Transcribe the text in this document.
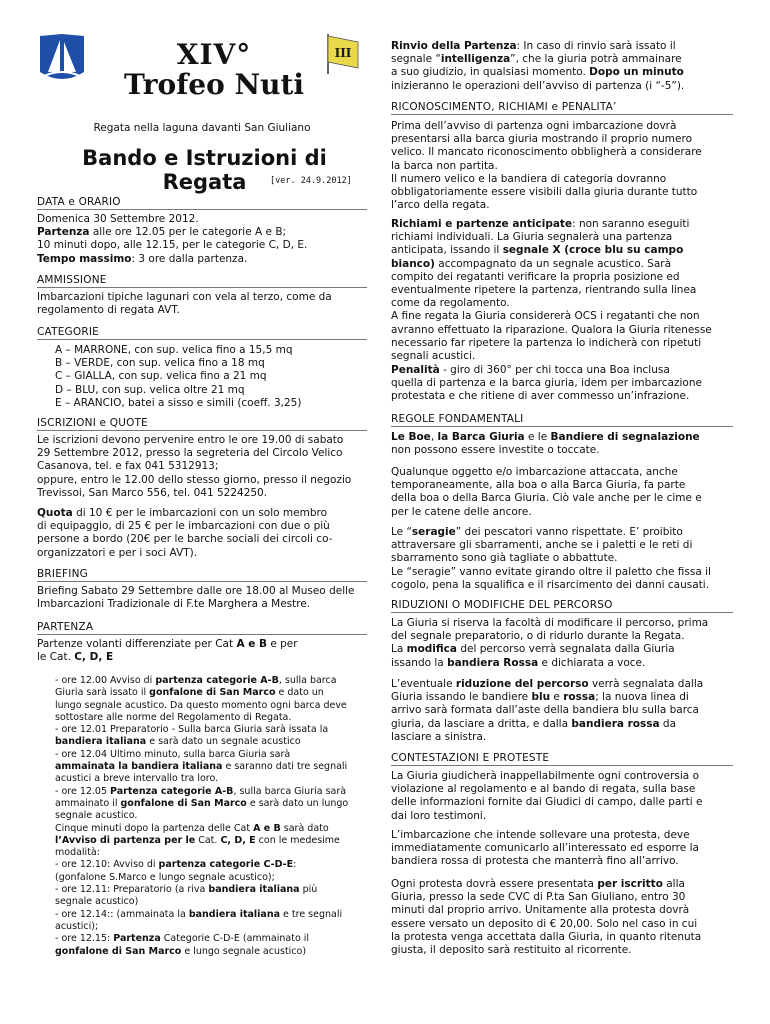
XIV°
Trofeo Nuti
III
Regata nella laguna davanti San Giuliano
Bando e Istruzioni di Regata	[ver. 24.9.2012]
DATA e ORARIO
Domenica 30 Settembre 2012.
Partenza alle ore 12.05 per le categorie A e B;
10 minuti dopo, alle 12.15, per le categorie C, D, E.
Tempo massimo: 3 ore dalla partenza.
AMMISSIONE
Imbarcazioni tipiche lagunari con vela al terzo, come da
regolamento di regata AVT.
CATEGORIE
A – MARRONE, con sup. velica fino a 15,5 mq
B – VERDE, con sup. velica fino a 18 mq
C – GIALLA, con sup. velica fino a 21 mq
D – BLU, con sup. velica oltre 21 mq
E – ARANCIO, batei a sisso e simili (coeff. 3,25)
ISCRIZIONI e QUOTE
Le iscrizioni devono pervenire entro le ore 19.00 di sabato
29 Settembre 2012, presso la segreteria del Circolo Velico
Casanova, tel. e fax 041 5312913;
oppure, entro le 12.00 dello stesso giorno, presso il negozio
Trevissoi, San Marco 556, tel. 041 5224250.
Quota di 10 € per le imbarcazioni con un solo membro
di equipaggio, di 25 € per le imbarcazioni con due o più
persone a bordo (20€ per le barche sociali dei circoli co-
organizzatori e per i soci AVT).
BRIEFING
Briefing Sabato 29 Settembre dalle ore 18.00 al Museo delle
Imbarcazioni Tradizionale di F.te Marghera a Mestre.
PARTENZA
Partenze volanti differenziate per Cat A e B e per
le Cat. C, D, E
- ore 12.00 Avviso di partenza categorie A-B, sulla barca
Giuria sarà issato il gonfalone di San Marco e dato un
lungo segnale acustico. Da questo momento ogni barca deve
sottostare alle norme del Regolamento di Regata.
- ore 12.01 Preparatorio - Sulla barca Giuria sarà issata la
bandiera italiana e sarà dato un segnale acustico
- ore 12.04 Ultimo minuto, sulla barca Giuria sarà
ammainata la bandiera italiana e saranno dati tre segnali
acustici a breve intervallo tra loro.
- ore 12.05 Partenza categorie A-B, sulla barca Giuria sarà
ammainato il gonfalone di San Marco e sarà dato un lungo
segnale acustico.
Cinque minuti dopo la partenza delle Cat A e B sarà dato
l’Avviso di partenza per le Cat. C, D, E con le medesime
modalità:
- ore 12.10: Avviso di partenza categorie C-D-E:
(gonfalone S.Marco e lungo segnale acustico);
- ore 12.11: Preparatorio (a riva bandiera italiana più
segnale acustico)
- ore 12.14:: (ammainata la bandiera italiana e tre segnali
acustici);
- ore 12.15: Partenza Categorie C-D-E (ammainato il
gonfalone di San Marco e lungo segnale acustico)
Rinvio della Partenza: In caso di rinvio sarà issato il
segnale “intelligenza”, che la giuria potrà ammainare
a suo giudizio, in qualsiasi momento. Dopo un minuto
inizieranno le operazioni dell’avviso di partenza (i “-5”).
RICONOSCIMENTO, RICHIAMI e PENALITA’
Prima dell’avviso di partenza ogni imbarcazione dovrà
presentarsi alla barca giuria mostrando il proprio numero
velico. Il mancato riconoscimento obbligherà a considerare
la barca non partita.
Il numero velico e la bandiera di categoria dovranno
obbligatoriamente essere visibili dalla giuria durante tutto
l’arco della regata.
Richiami e partenze anticipate: non saranno eseguiti
richiami individuali. La Giuria segnalerà una partenza
anticipata, issando il segnale X (croce blu su campo
bianco) accompagnato da un segnale acustico. Sarà
compito dei regatanti verificare la propria posizione ed
eventualmente ripetere la partenza, rientrando sulla linea
come da regolamento.
A fine regata la Giuria considererà OCS i regatanti che non
avranno effettuato la riparazione. Qualora la Giuria ritenesse
necessario far ripetere la partenza lo indicherà con ripetuti
segnali acustici.
Penalità - giro di 360° per chi tocca una Boa inclusa
quella di partenza e la barca giuria, idem per imbarcazione
protestata e che ritiene di aver commesso un’infrazione.
REGOLE FONDAMENTALI
Le Boe, la Barca Giuria e le Bandiere di segnalazione
non possono essere investite o toccate.
Qualunque oggetto e/o imbarcazione attaccata, anche
temporaneamente, alla boa o alla Barca Giuria, fa parte
della boa o della Barca Giuria. Ciò vale anche per le cime e
per le catene delle ancore.
Le “seragie” dei pescatori vanno rispettate. E’ proibito
attraversare gli sbarramenti, anche se i paletti e le reti di
sbarramento sono già tagliate o abbattute.
Le “seragie” vanno evitate girando oltre il paletto che fissa il
cogolo, pena la squalifica e il risarcimento dei danni causati.
RIDUZIONI O MODIFICHE DEL PERCORSO
La Giuria si riserva la facoltà di modificare il percorso, prima
del segnale preparatorio, o di ridurlo durante la Regata.
La modifica del percorso verrà segnalata dalla Giuria
issando la bandiera Rossa e dichiarata a voce.
L’eventuale riduzione del percorso verrà segnalata dalla
Giuria issando le bandiere blu e rossa; la nuova linea di
arrivo sarà formata dall’aste della bandiera blu sulla barca
giuria, da lasciare a dritta, e dalla bandiera rossa da
lasciare a sinistra.
CONTESTAZIONI E PROTESTE
La Giuria giudicherà inappellabilmente ogni controversia o
violazione al regolamento e al bando di regata, sulla base
delle informazioni fornite dai Giudici di campo, dalle parti e
dai loro testimoni.
L’imbarcazione che intende sollevare una protesta, deve
immediatamente comunicarlo all’interessato ed esporre la
bandiera rossa di protesta che manterrà fino all’arrivo.
Ogni protesta dovrà essere presentata per iscritto alla
Giuria, presso la sede CVC di P.ta San Giuliano, entro 30
minuti dal proprio arrivo. Unitamente alla protesta dovrà
essere versato un deposito di € 20,00. Solo nel caso in cui
la protesta venga accettata dalla Giuria, in quanto ritenuta
giusta, il deposito sarà restituito al ricorrente.
